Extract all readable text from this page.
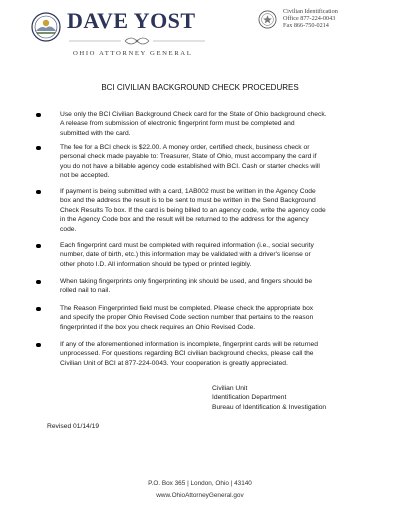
DAVE YOST
OHIO ATTORNEY GENERAL
Civilian Identification
Office 877-224-0043
Fax 866-750-0214
BCI CIVILIAN BACKGROUND CHECK PROCEDURES
Use only the BCI Civilian Background Check card for the State of Ohio background check.
A release from submission of electronic fingerprint form must be completed and
submitted with the card.
The fee for a BCI check is $22.00. A money order, certified check, business check or
personal check made payable to: Treasurer, State of Ohio, must accompany the card if
you do not have a billable agency code established with BCI. Cash or starter checks will
not be accepted.
If payment is being submitted with a card, 1AB002 must be written in the Agency Code
box and the address the result is to be sent to must be written in the Send Background
Check Results To box. If the card is being billed to an agency code, write the agency code
in the Agency Code box and the result will be returned to the address for the agency
code.
Each fingerprint card must be completed with required information (i.e., social security
number, date of birth, etc.) this information may be validated with a driver's license or
other photo I.D. All information should be typed or printed legibly.
When taking fingerprints only fingerprinting ink should be used, and fingers should be
rolled nail to nail.
The Reason Fingerprinted field must be completed. Please check the appropriate box
and specify the proper Ohio Revised Code section number that pertains to the reason
fingerprinted if the box you check requires an Ohio Revised Code.
If any of the aforementioned information is incomplete, fingerprint cards will be returned
unprocessed. For questions regarding BCI civilian background checks, please call the
Civilian Unit of BCI at 877-224-0043. Your cooperation is greatly appreciated.
Civilian Unit
Identification Department
Bureau of Identification & Investigation
Revised 01/14/19
P.O. Box 365 | London, Ohio | 43140
www.OhioAttorneyGeneral.gov
